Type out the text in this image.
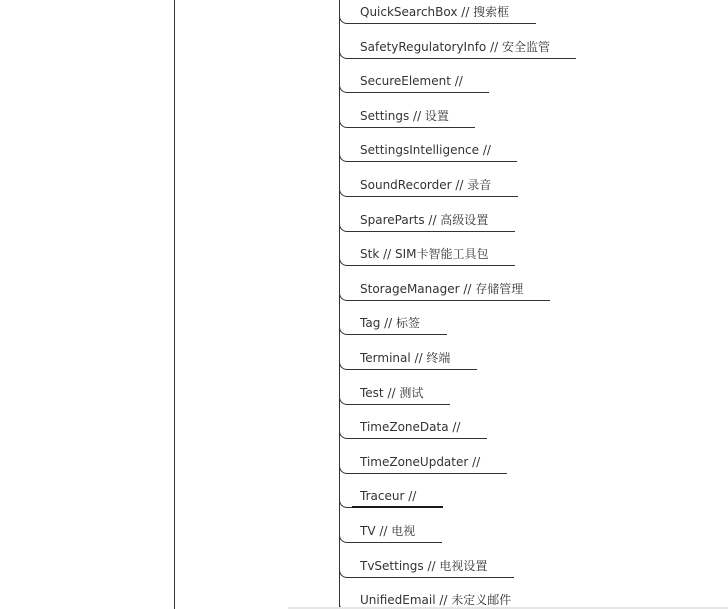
QuickSearchBox // 搜索框
SafetyRegulatoryInfo // 安全监管
SecureElement //
Settings // 设置
SettingsIntelligence //
SoundRecorder // 录音
SpareParts // 高级设置
Stk // SIM卡智能工具包
StorageManager // 存储管理
Tag // 标签
Terminal // 终端
Test // 测试
TimeZoneData //
TimeZoneUpdater //
Traceur //
TV // 电视
TvSettings // 电视设置
UnifiedEmail // 未定义邮件
